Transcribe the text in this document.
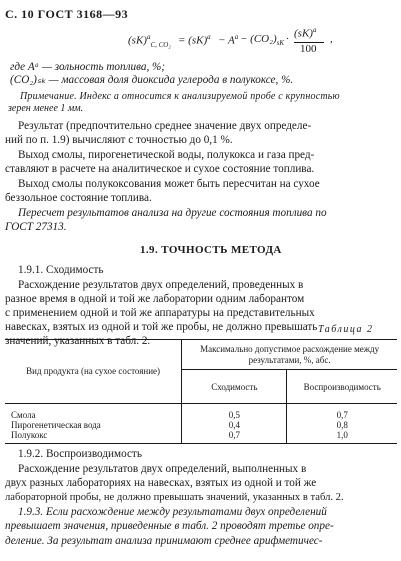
С. 10 ГОСТ 3168—93
$(sK)^a_{C, CO_2} = (sK)^a - A^a - (CO_2)_{sK} \cdot (sK)^a$
100
,
где Aᵃ — зольность топлива, %;
(CO₂)ₛₖ — массовая доля диоксида углерода в полукоксе, %.
Примечание. Индекс a относится к анализируемой пробе с крупностью
зерен менее 1 мм.
Результат (предпочтительно среднее значение двух определе-
ний по п. 1.9) вычисляют с точностью до 0,1 %.
Выход смолы, пирогенетической воды, полукокса и газа пред-
ставляют в расчете на аналитическое и сухое состояние топлива.
Выход смолы полукоксования может быть пересчитан на сухое
беззольное состояние топлива.
Пересчет результатов анализа на другие состояния топлива по
ГОСТ 27313.
1.9. ТОЧНОСТЬ МЕТОДА
1.9.1. Сходимость
Расхождение результатов двух определений, проведенных в
разное время в одной и той же лаборатории одним лаборантом
с применением одной и той же аппаратуры на представительных
навесках, взятых из одной и той же пробы, не должно превышать
значений, указанных в табл. 2.
Таблица 2
Вид продукта (на сухое состояние)	Максимально допустимое расхождение между результатами, %, абс.	
	Сходимость	Воспроизводимость
Смола	0,5	0,7
Пирогенетическая вода	0,4	0,8
Полукокс	0,7	1,0
1.9.2. Воспроизводимость
Расхождение результатов двух определений, выполненных в
двух разных лабораториях на навесках, взятых из одной и той же
лабораторной пробы, не должно превышать значений, указанных в табл. 2.
1.9.3. Если расхождение между результатами двух определений
превышает значения, приведенные в табл. 2 проводят третье опре-
деление. За результат анализа принимают среднее арифметичес-
